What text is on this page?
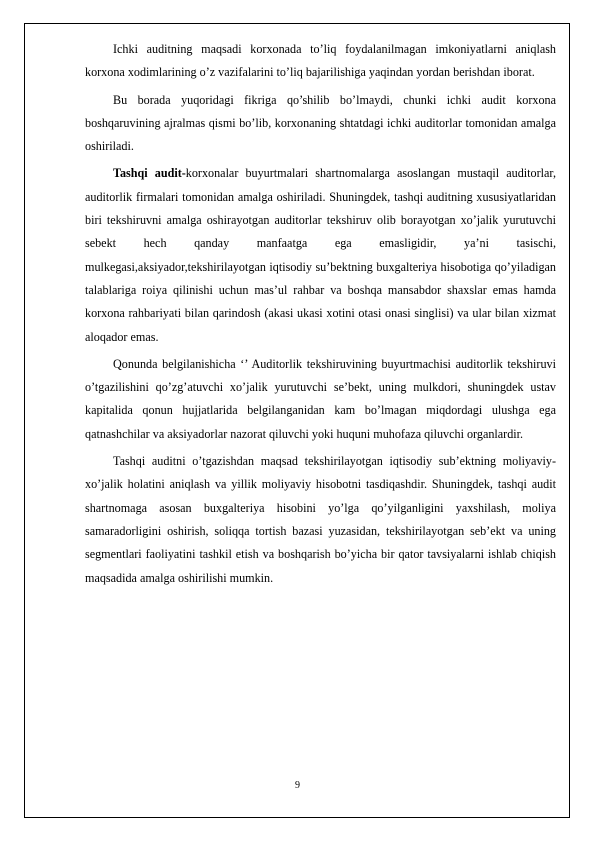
Ichki auditning maqsadi korxonada to’liq foydalanilmagan imkoniyatlarni aniqlash korxona xodimlarining o’z vazifalarini to’liq bajarilishiga yaqindan yordan berishdan iborat.

Bu borada yuqoridagi fikriga qo’shilib bo’lmaydi, chunki ichki audit korxona boshqaruvining ajralmas qismi bo’lib, korxonaning shtatdagi ichki auditorlar tomonidan amalga oshiriladi.

Tashqi audit-korxonalar buyurtmalari shartnomalarga asoslangan mustaqil auditorlar, auditorlik firmalari tomonidan amalga oshiriladi. Shuningdek, tashqi auditning xususiyatlaridan biri tekshiruvni amalga oshirayotgan auditorlar tekshiruv olib borayotgan xo’jalik yurutuvchi sebekt hech qanday manfaatga ega emasligidir, ya’ni tasischi, mulkegasi,aksiyador,tekshirilayotgan iqtisodiy su’bektning buxgalteriya hisobotiga qo’yiladigan talablariga roiya qilinishi uchun mas’ul rahbar va boshqa mansabdor shaxslar emas hamda korxona rahbariyati bilan qarindosh (akasi ukasi xotini otasi onasi singlisi) va ular bilan xizmat aloqador emas.

Qonunda belgilanishicha ‘’ Auditorlik tekshiruvining buyurtmachisi auditorlik tekshiruvi o’tgazilishini qo’zg’atuvchi xo’jalik yurutuvchi se’bekt, uning mulkdori, shuningdek ustav kapitalida qonun hujjatlarida belgilanganidan kam bo’lmagan miqdordagi ulushga ega qatnashchilar va aksiyadorlar nazorat qiluvchi yoki huquni muhofaza qiluvchi organlardir.

Tashqi auditni o’tgazishdan maqsad tekshirilayotgan iqtisodiy sub’ektning moliyaviy-xo’jalik holatini aniqlash va yillik moliyaviy hisobotni tasdiqashdir. Shuningdek, tashqi audit shartnomaga asosan buxgalteriya hisobini yo’lga qo’yilganligini yaxshilash, moliya samaradorligini oshirish, soliqqa tortish bazasi yuzasidan, tekshirilayotgan seb’ekt va uning segmentlari faoliyatini tashkil etish va boshqarish bo’yicha bir qator tavsiyalarni ishlab chiqish maqsadida amalga oshirilishi mumkin.

9
